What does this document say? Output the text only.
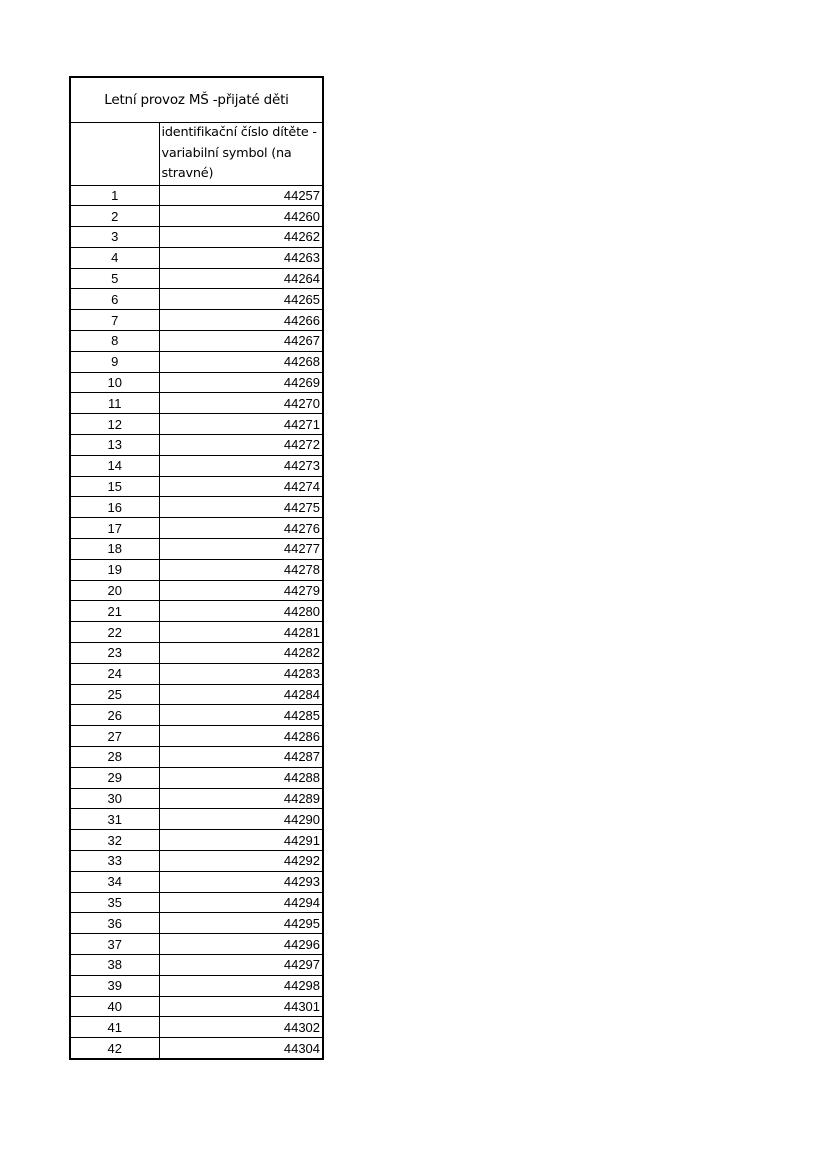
Letní provoz MŠ -přijaté děti	
	identifikační číslo dítěte - variabilní symbol (na stravné)
1	44257
2	44260
3	44262
4	44263
5	44264
6	44265
7	44266
8	44267
9	44268
10	44269
11	44270
12	44271
13	44272
14	44273
15	44274
16	44275
17	44276
18	44277
19	44278
20	44279
21	44280
22	44281
23	44282
24	44283
25	44284
26	44285
27	44286
28	44287
29	44288
30	44289
31	44290
32	44291
33	44292
34	44293
35	44294
36	44295
37	44296
38	44297
39	44298
40	44301
41	44302
42	44304
